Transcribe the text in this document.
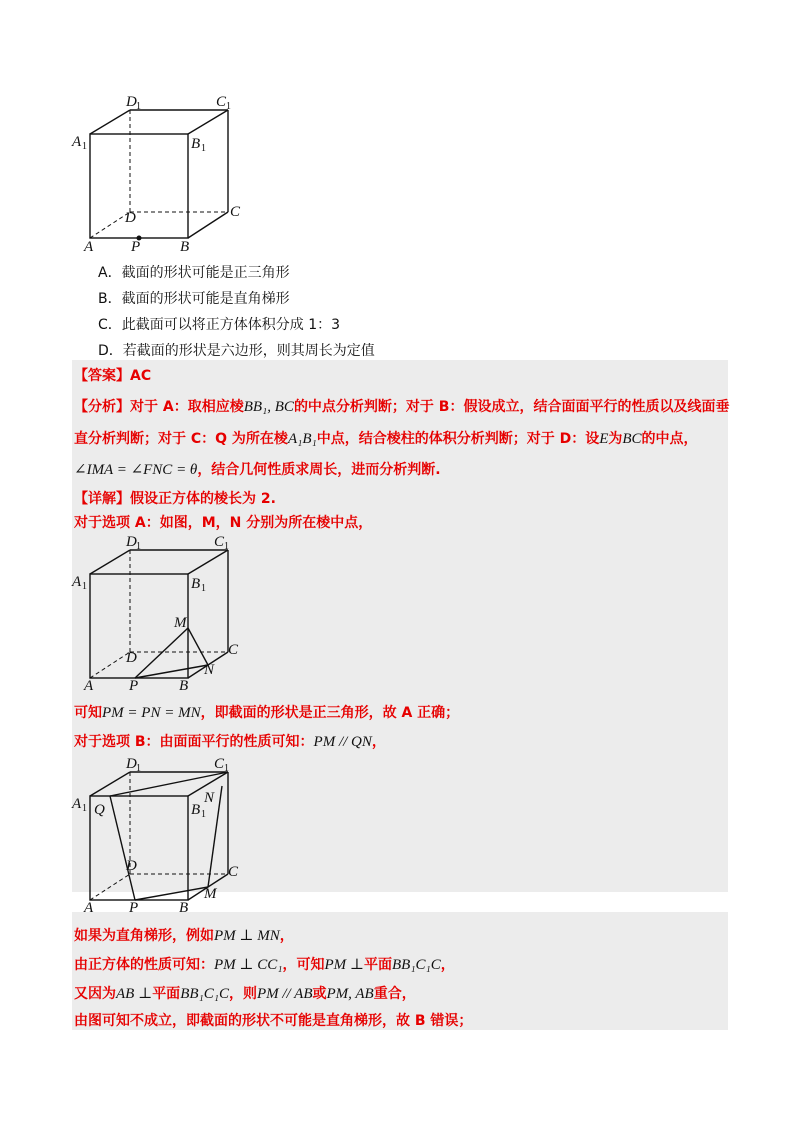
D 1	C 1
A 1	B 1
D	C
A	P	B
A．截面的形状可能是正三角形
B．截面的形状可能是直角梯形
C．此截面可以将正方体体积分成 1：3
D．若截面的形状是六边形，则其周长为定值
【答案】AC
【分析】对于 A：取相应棱BB₁, BC的中点分析判断；对于 B：假设成立，结合面面平行的性质以及线面垂
直分析判断；对于 C：Q 为所在棱A₁B₁中点，结合棱柱的体积分析判断；对于 D：设E为BC的中点，
∠IMA = ∠FNC = θ，结合几何性质求周长，进而分析判断.
【详解】假设正方体的棱长为 2.
对于选项 A：如图，M，N 分别为所在棱中点，
D 1	C 1
A 1	B 1
M
D	C
N
A P	B
可知PM = PN = MN，即截面的形状是正三角形，故 A 正确；
对于选项 B：由面面平行的性质可知：PM // QN，
D 1	C 1
A 1 Q	B 1
N
D	C
M
A P	B
如果为直角梯形，例如PM ⊥ MN，
由正方体的性质可知：PM ⊥ CC₁，可知PM ⊥平面BB₁C₁C，
又因为AB ⊥平面BB₁C₁C，则PM // AB或PM, AB重合，
由图可知不成立，即截面的形状不可能是直角梯形，故 B 错误；
